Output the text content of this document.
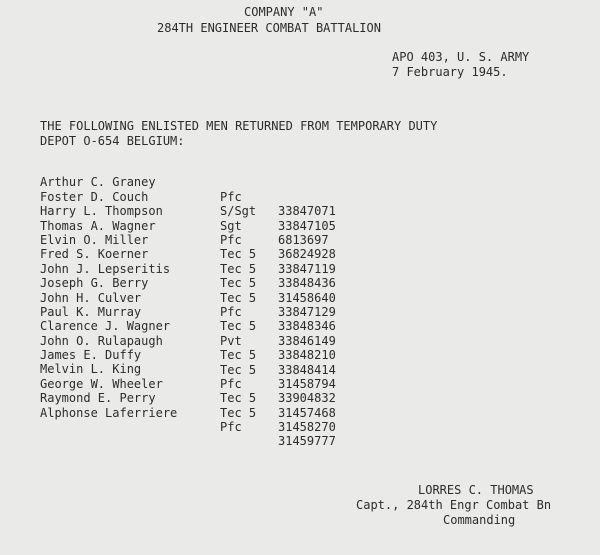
COMPANY "A"
284TH ENGINEER COMBAT BATTALION
APO 403, U. S. ARMY
7 February 1945.
THE FOLLOWING ENLISTED MEN RETURNED FROM TEMPORARY DUTY
DEPOT O-654 BELGIUM:

Arthur C. Graney

Pfc

33847071

Foster D. Couch

S/Sgt

33847105

Harry L. Thompson

Sgt

6813697

Thomas A. Wagner

Pfc

36824928

Elvin O. Miller

Tec 5

33847119

Fred S. Koerner

Tec 5

33848436

John J. Lepseritis

Tec 5

31458640

Joseph G. Berry

Tec 5

33847129

John H. Culver

Pfc

33848346

Paul K. Murray

Tec 5

33846149

Clarence J. Wagner

Pvt

33848210

John O. Rulapaugh

Tec 5

33848414

James E. Duffy

Tec 5

31458794

Melvin L. King

Pfc

33904832

George W. Wheeler

Tec 5

31457468

Raymond E. Perry

Tec 5

31458270

Alphonse Laferriere

Pfc

31459777

LORRES C. THOMAS
Capt., 284th Engr Combat Bn
Commanding
